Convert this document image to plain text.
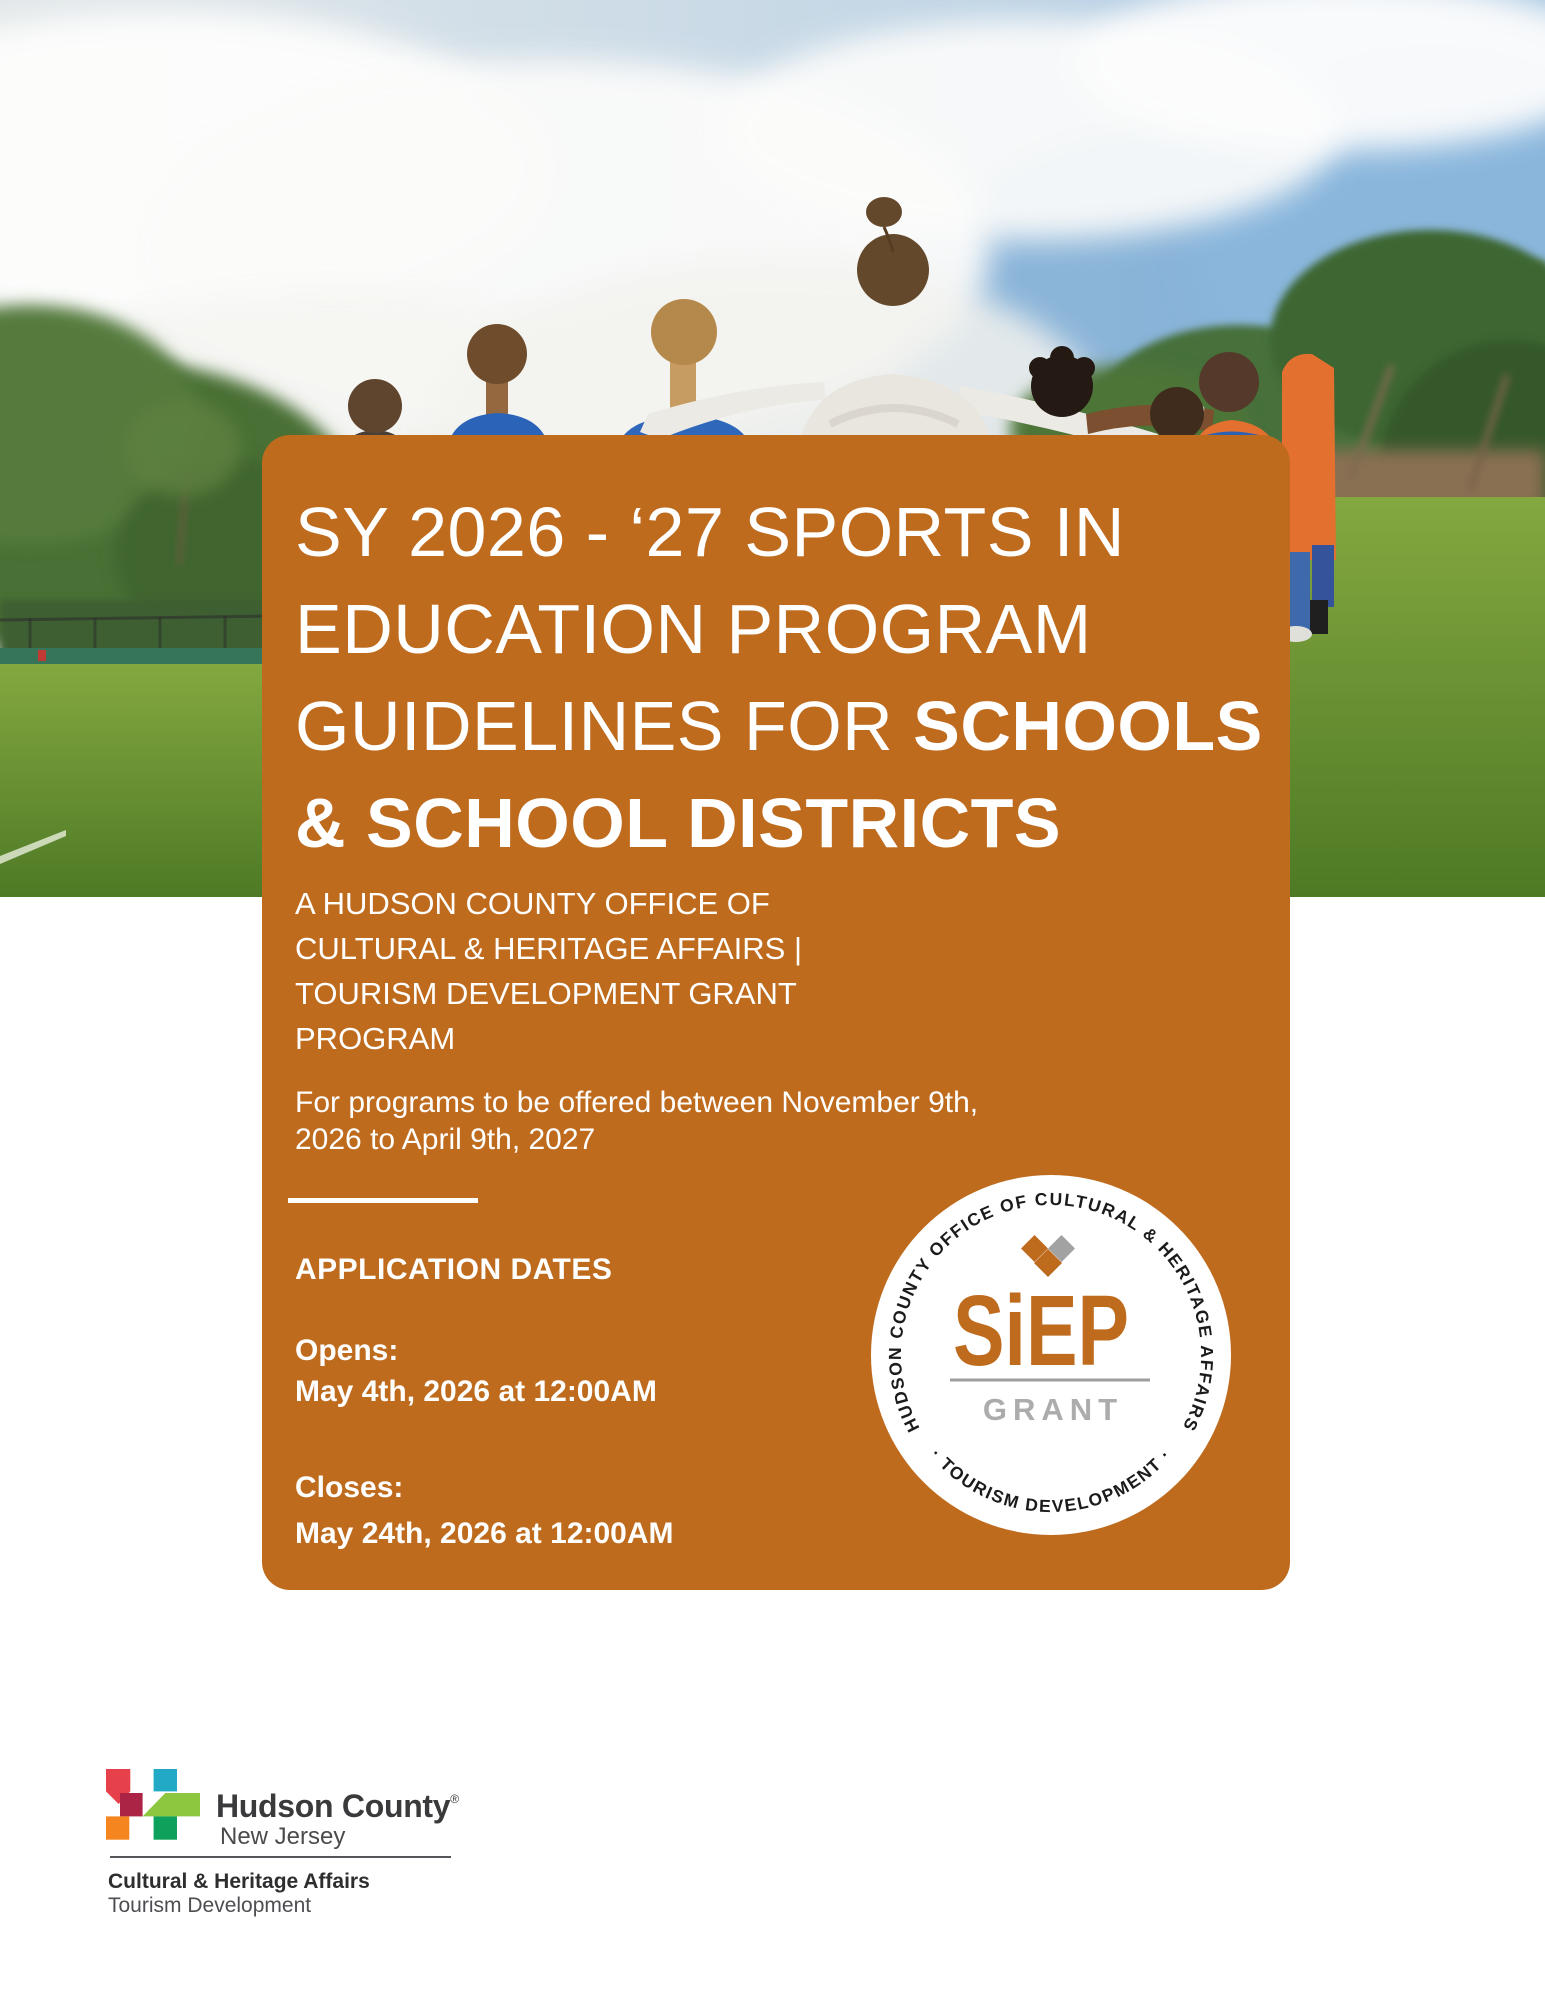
SY 2026 - ‘27 SPORTS IN
EDUCATION PROGRAM
GUIDELINES FOR SCHOOLS
& SCHOOL DISTRICTS
A HUDSON COUNTY OFFICE OF
CULTURAL & HERITAGE AFFAIRS |
TOURISM DEVELOPMENT GRANT
PROGRAM
For programs to be offered between November 9th,
2026 to April 9th, 2027
APPLICATION DATES
Opens:
May 4th, 2026 at 12:00AM
Closes:
May 24th, 2026 at 12:00AM
HUDSON COUNTY OFFICE OF CULTURAL & HERITAGE AFFAIRS
· TOURISM DEVELOPMENT ·
SiEP
GRANT
Hudson County®
New Jersey
Cultural & Heritage Affairs
Tourism Development
